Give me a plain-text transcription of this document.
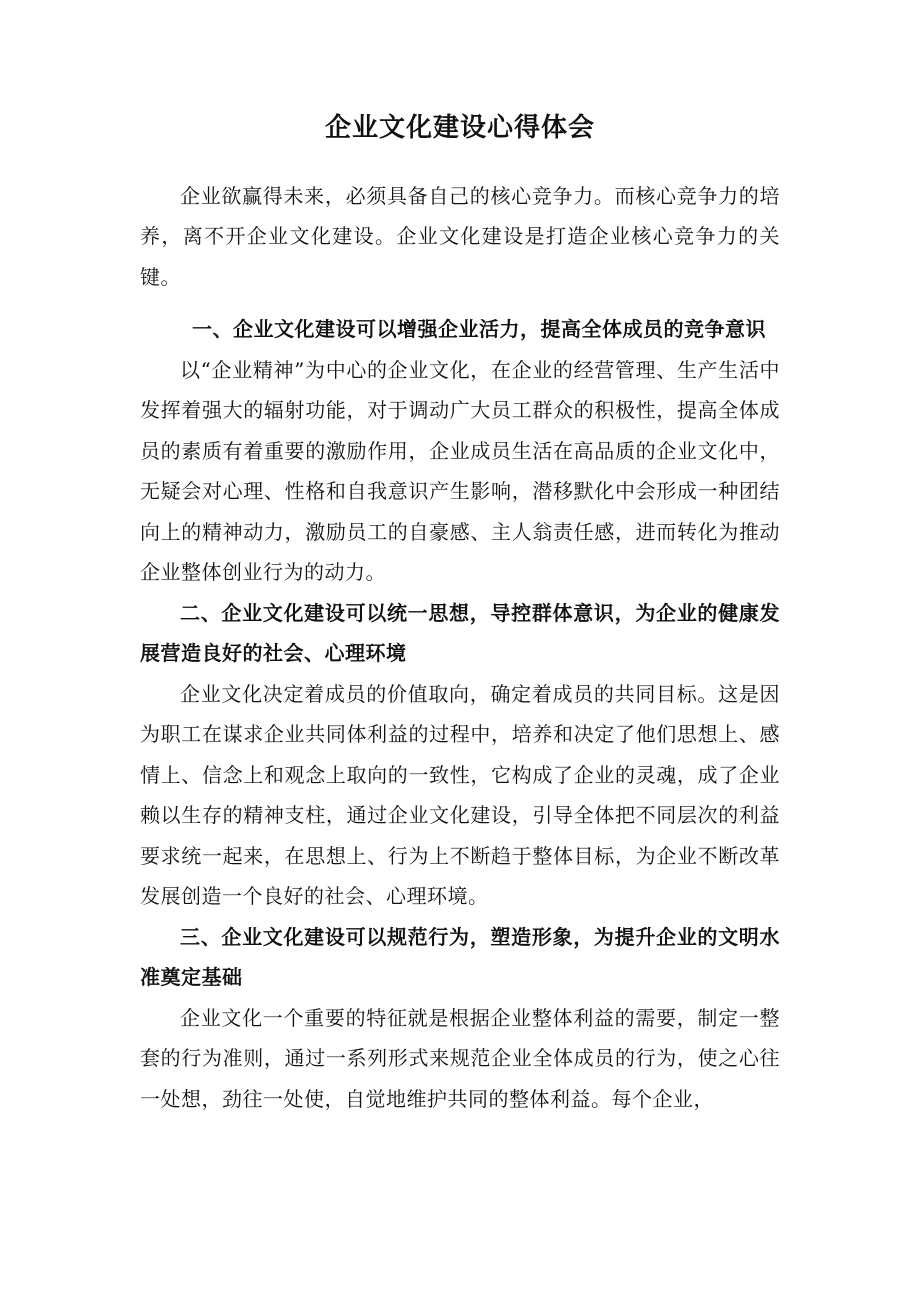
企业文化建设心得体会

企业欲赢得未来，必须具备自己的核心竞争力。而核心竞争力的培养，离不开企业文化建设。企业文化建设是打造企业核心竞争力的关键。

一、企业文化建设可以增强企业活力，提高全体成员的竞争意识

以“企业精神”为中心的企业文化，在企业的经营管理、生产生活中发挥着强大的辐射功能，对于调动广大员工群众的积极性，提高全体成员的素质有着重要的激励作用，企业成员生活在高品质的企业文化中，无疑会对心理、性格和自我意识产生影响，潜移默化中会形成一种团结向上的精神动力，激励员工的自豪感、主人翁责任感，进而转化为推动企业整体创业行为的动力。

二、企业文化建设可以统一思想，导控群体意识，为企业的健康发展营造良好的社会、心理环境

企业文化决定着成员的价值取向，确定着成员的共同目标。这是因为职工在谋求企业共同体利益的过程中，培养和决定了他们思想上、感情上、信念上和观念上取向的一致性，它构成了企业的灵魂，成了企业赖以生存的精神支柱，通过企业文化建设，引导全体把不同层次的利益要求统一起来，在思想上、行为上不断趋于整体目标，为企业不断改革发展创造一个良好的社会、心理环境。

三、企业文化建设可以规范行为，塑造形象，为提升企业的文明水准奠定基础

企业文化一个重要的特征就是根据企业整体利益的需要，制定一整套的行为准则，通过一系列形式来规范企业全体成员的行为，使之心往一处想，劲往一处使，自觉地维护共同的整体利益。每个企业，
